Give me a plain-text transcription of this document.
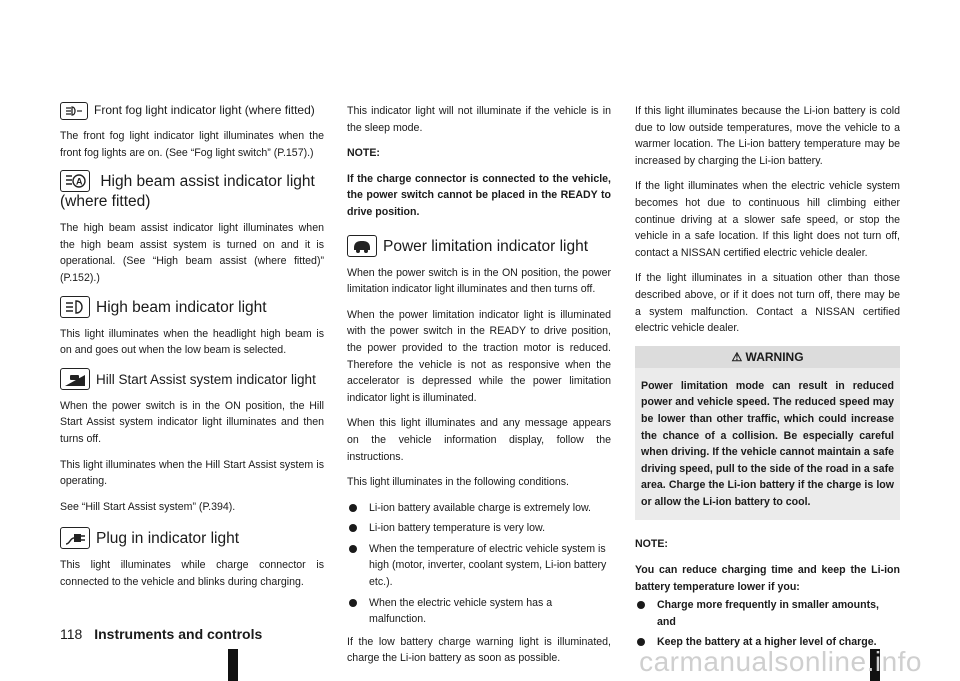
Front fog light indicator light (where fitted)

The front fog light indicator light illuminates when the front fog lights are on. (See “Fog light switch” (P.157).)

A High beam assist indicator light (where fitted)

The high beam assist indicator light illuminates when the high beam assist system is turned on and it is operational. (See “High beam assist (where fitted)” (P.152).)

High beam indicator light

This light illuminates when the headlight high beam is on and goes out when the low beam is selected.

Hill Start Assist system indicator light

When the power switch is in the ON position, the Hill Start Assist system indicator light illuminates and then turns off.

This light illuminates when the Hill Start Assist system is operating.

See “Hill Start Assist system” (P.394).

Plug in indicator light

This light illuminates while charge connector is connected to the vehicle and blinks during charging.

This indicator light will not illuminate if the vehicle is in the sleep mode.

NOTE:

If the charge connector is connected to the vehicle, the power switch cannot be placed in the READY to drive position.

Power limitation indicator light

When the power switch is in the ON position, the power limitation indicator light illuminates and then turns off.

When the power limitation indicator light is illuminated with the power switch in the READY to drive position, the power provided to the traction motor is reduced. Therefore the vehicle is not as responsive when the accelerator is depressed while the power limitation indicator light is illuminated.

When this light illuminates and any message appears on the vehicle information display, follow the instructions.

This light illuminates in the following conditions.

Li-ion battery available charge is extremely low.
Li-ion battery temperature is very low.
When the temperature of electric vehicle system is high (motor, inverter, coolant system, Li-ion battery etc.).
When the electric vehicle system has a malfunction.

If the low battery charge warning light is illuminated, charge the Li-ion battery as soon as possible.

If this light illuminates because the Li-ion battery is cold due to low outside temperatures, move the vehicle to a warmer location. The Li-ion battery temperature may be increased by charging the Li-ion battery.

If the light illuminates when the electric vehicle system becomes hot due to continuous hill climbing either continue driving at a slower safe speed, or stop the vehicle in a safe location. If this light does not turn off, contact a NISSAN certified electric vehicle dealer.

If the light illuminates in a situation other than those described above, or if it does not turn off, there may be a system malfunction. Contact a NISSAN certified electric vehicle dealer.

⚠ WARNING
Power limitation mode can result in reduced power and vehicle speed. The reduced speed may be lower than other traffic, which could increase the chance of a collision. Be especially careful when driving. If the vehicle cannot maintain a safe driving speed, pull to the side of the road in a safe area. Charge the Li-ion battery if the charge is low or allow the Li-ion battery to cool.

NOTE:

You can reduce charging time and keep the Li-ion battery temperature lower if you:

Charge more frequently in smaller amounts, and
Keep the battery at a higher level of charge.
118 Instruments and controls
carmanualsonline.info
